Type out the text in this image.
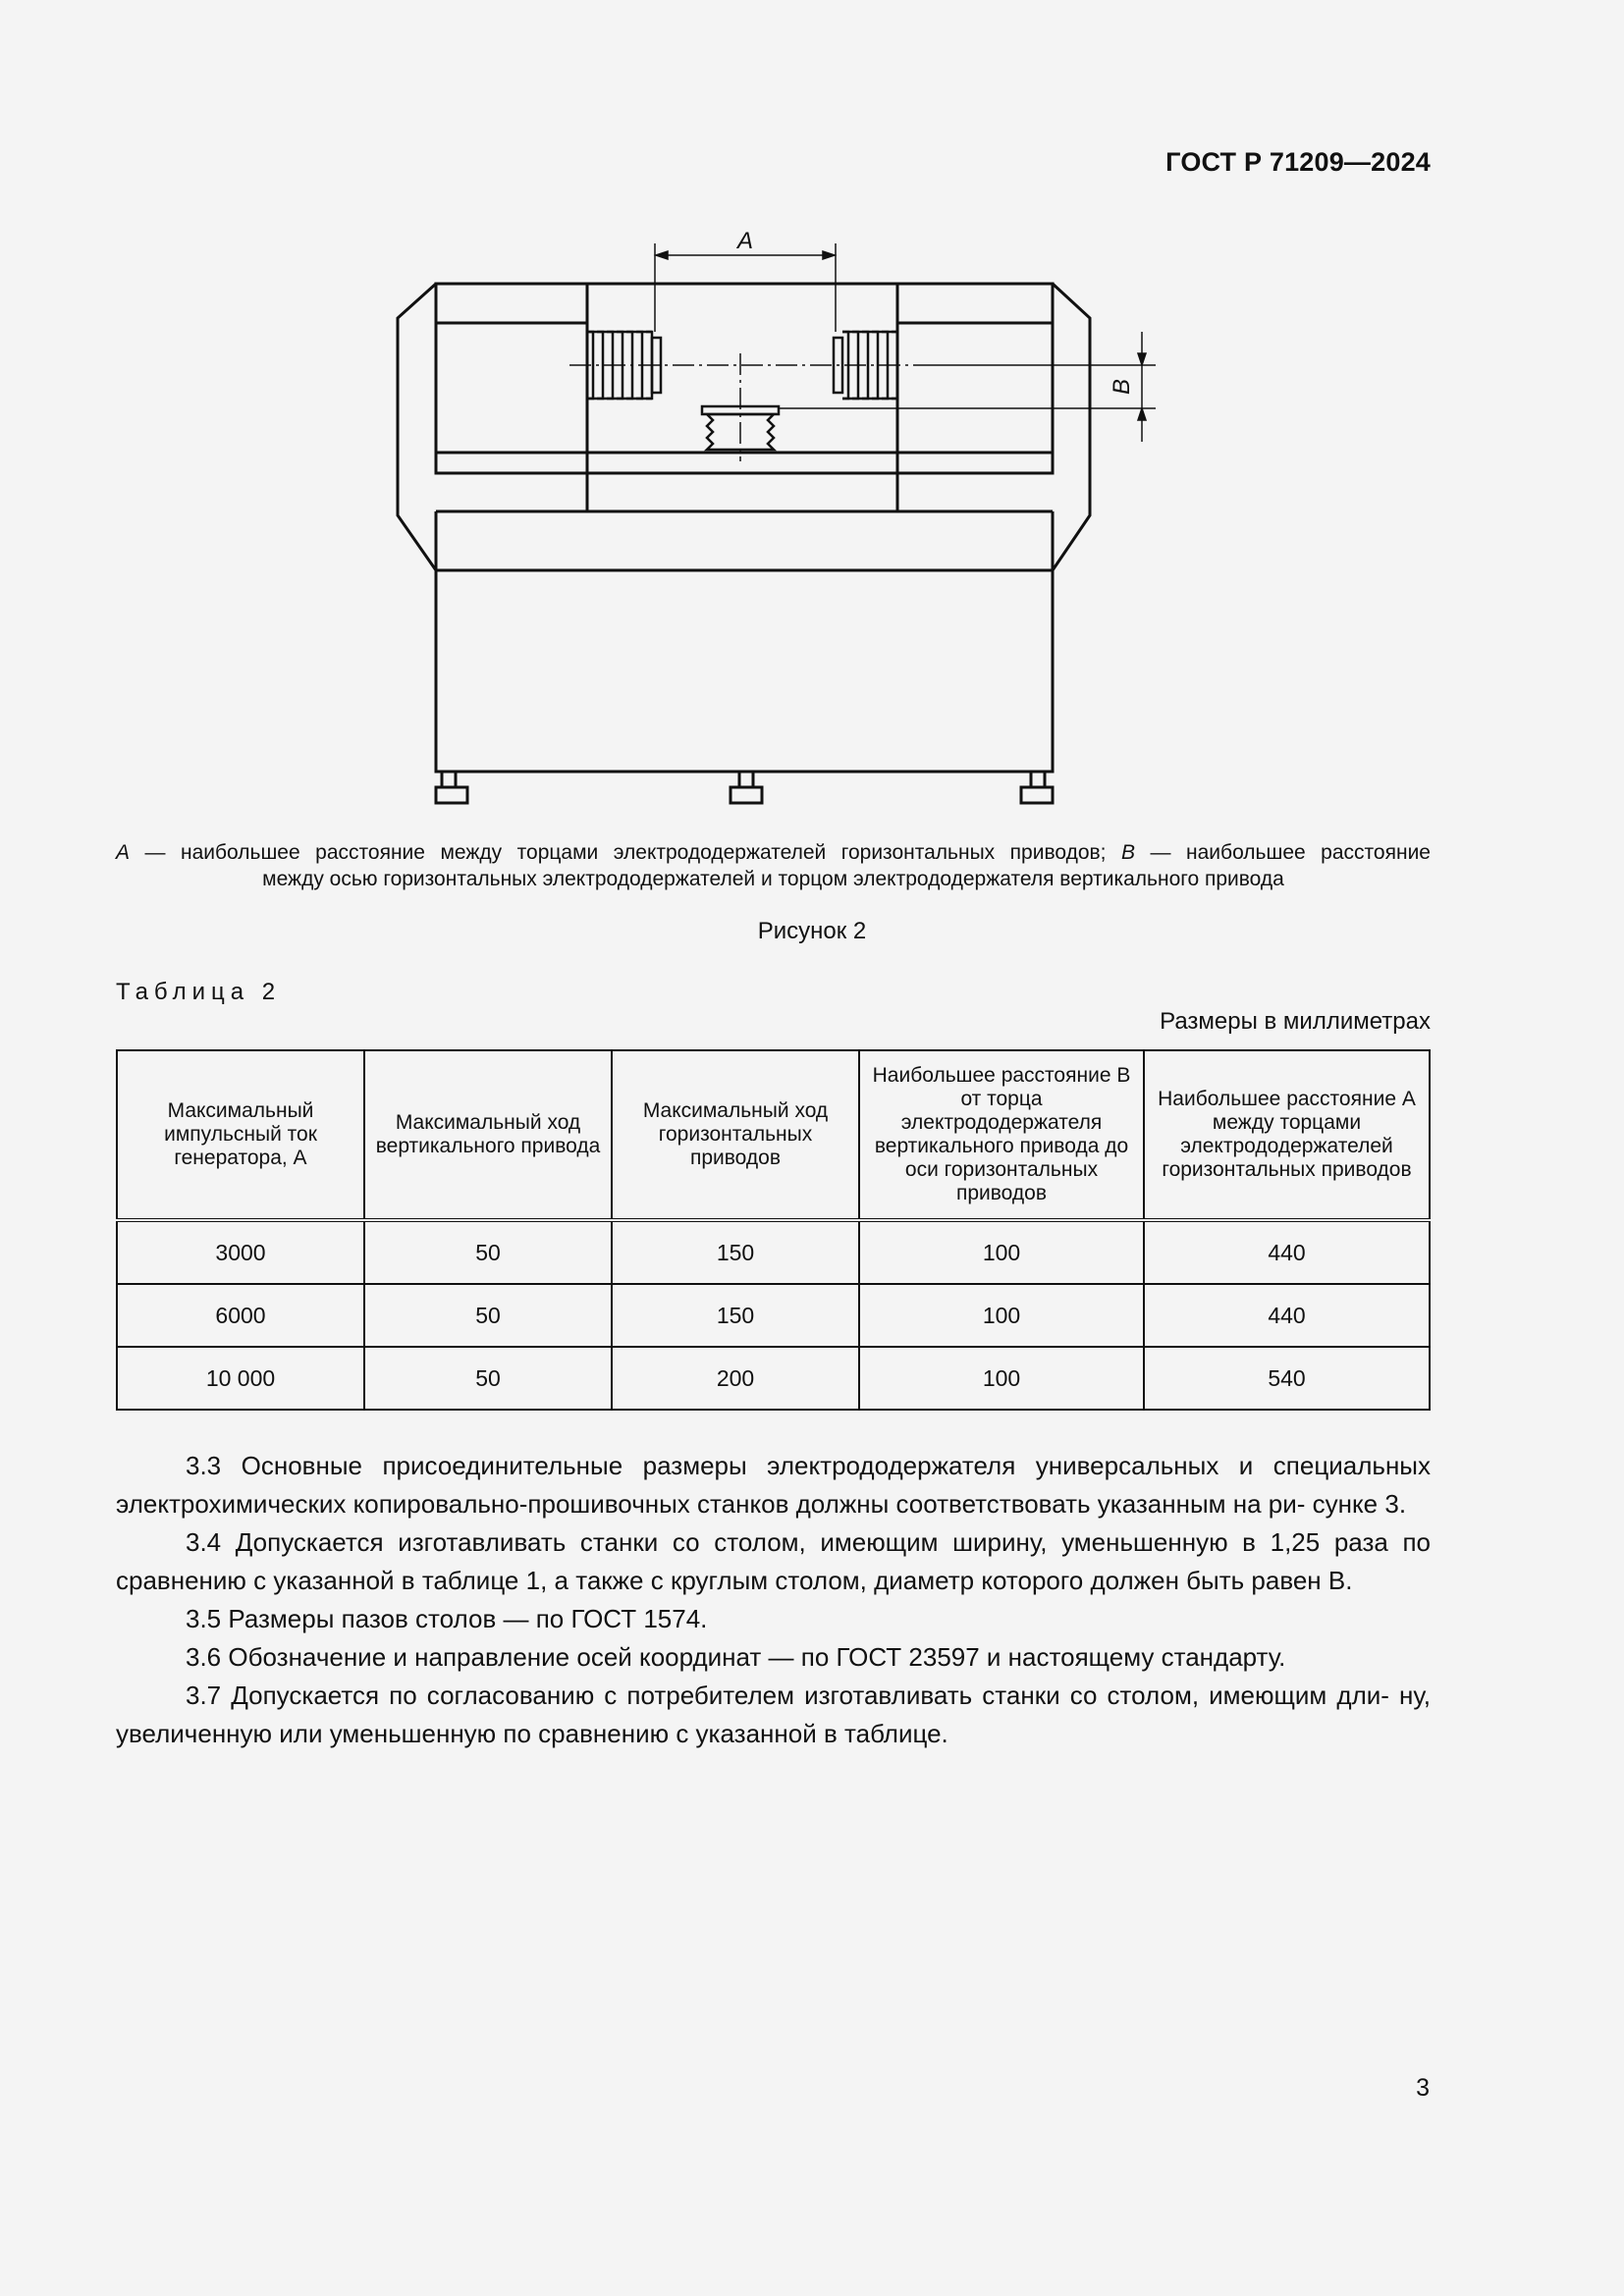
ГОСТ Р 71209—2024
A
B
A — наибольшее расстояние между торцами электрододержателей горизонтальных приводов; B — наибольшее расстояние
между осью горизонтальных электрододержателей и торцом электрододержателя вертикального привода
Рисунок 2
Таблица 2
Размеры в миллиметрах
Максимальный импульсный ток генератора, А	Максимальный ход вертикального привода	Максимальный ход горизонтальных приводов	Наибольшее расстояние B от торца электрододержателя вертикального привода до оси горизонтальных приводов	Наибольшее расстояние A между торцами электрододержателей горизонтальных приводов
3000	50	150	100	440
6000	50	150	100	440
10 000	50	200	100	540

3.3 Основные присоединительные размеры электрододержателя универсальных и специальных электрохимических копировально-прошивочных станков должны соответствовать указанным на ри- сунке 3.

3.4 Допускается изготавливать станки со столом, имеющим ширину, уменьшенную в 1,25 раза по сравнению с указанной в таблице 1, а также с круглым столом, диаметр которого должен быть равен B.

3.5 Размеры пазов столов — по ГОСТ 1574.

3.6 Обозначение и направление осей координат — по ГОСТ 23597 и настоящему стандарту.

3.7 Допускается по согласованию с потребителем изготавливать станки со столом, имеющим дли- ну, увеличенную или уменьшенную по сравнению с указанной в таблице.

3
